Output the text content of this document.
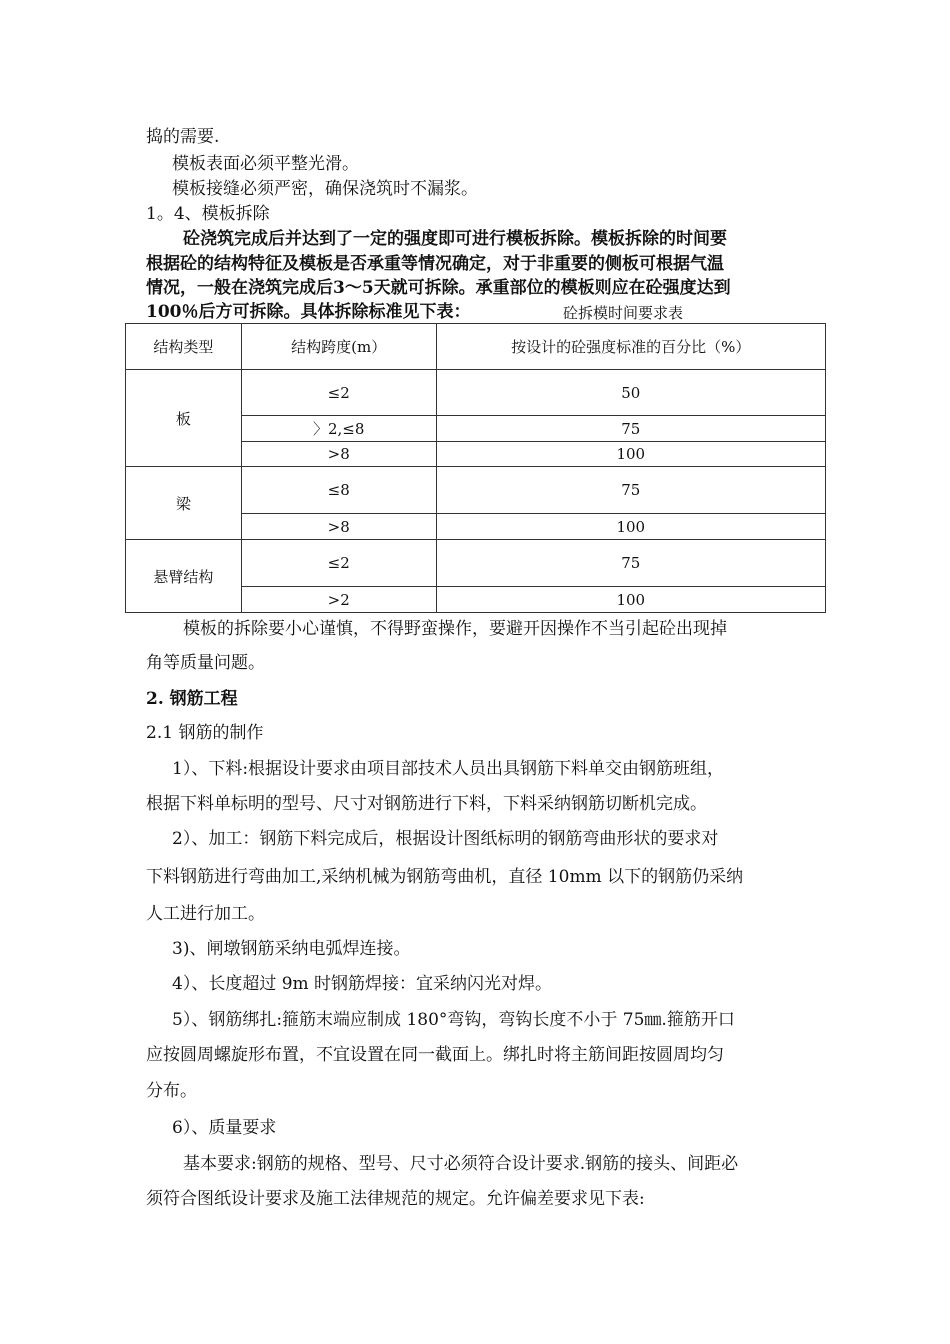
捣的需要.
模板表面必须平整光滑。
模板接缝必须严密，确保浇筑时不漏浆。
1。4、模板拆除
砼浇筑完成后并达到了一定的强度即可进行模板拆除。模板拆除的时间要
根据砼的结构特征及模板是否承重等情况确定，对于非重要的侧板可根据气温
情况，一般在浇筑完成后3～5天就可拆除。承重部位的模板则应在砼强度达到
100％后方可拆除。具体拆除标准见下表：	砼拆模时间要求表
结构类型	结构跨度(m）	按设计的砼强度标准的百分比（%）
板	≤2	50
	〉2,≤8	75
	>8	100
梁	≤8	75
	>8	100
悬臂结构	≤2	75
	>2	100
模板的拆除要小心谨慎，不得野蛮操作，要避开因操作不当引起砼出现掉
角等质量问题。
2. 钢筋工程
2.1 钢筋的制作
1）、下料:根据设计要求由项目部技术人员出具钢筋下料单交由钢筋班组，
根据下料单标明的型号、尺寸对钢筋进行下料，下料采纳钢筋切断机完成。
2）、加工：钢筋下料完成后，根据设计图纸标明的钢筋弯曲形状的要求对
下料钢筋进行弯曲加工,采纳机械为钢筋弯曲机，直径 10mm 以下的钢筋仍采纳
人工进行加工。
3)、闸墩钢筋采纳电弧焊连接。
4）、长度超过 9m 时钢筋焊接：宜采纳闪光对焊。
5）、钢筋绑扎:箍筋末端应制成 180°弯钩，弯钩长度不小于 75㎜.箍筋开口
应按圆周螺旋形布置，不宜设置在同一截面上。绑扎时将主筋间距按圆周均匀
分布。
6）、质量要求
基本要求:钢筋的规格、型号、尺寸必须符合设计要求.钢筋的接头、间距必
须符合图纸设计要求及施工法律规范的规定。允许偏差要求见下表:
